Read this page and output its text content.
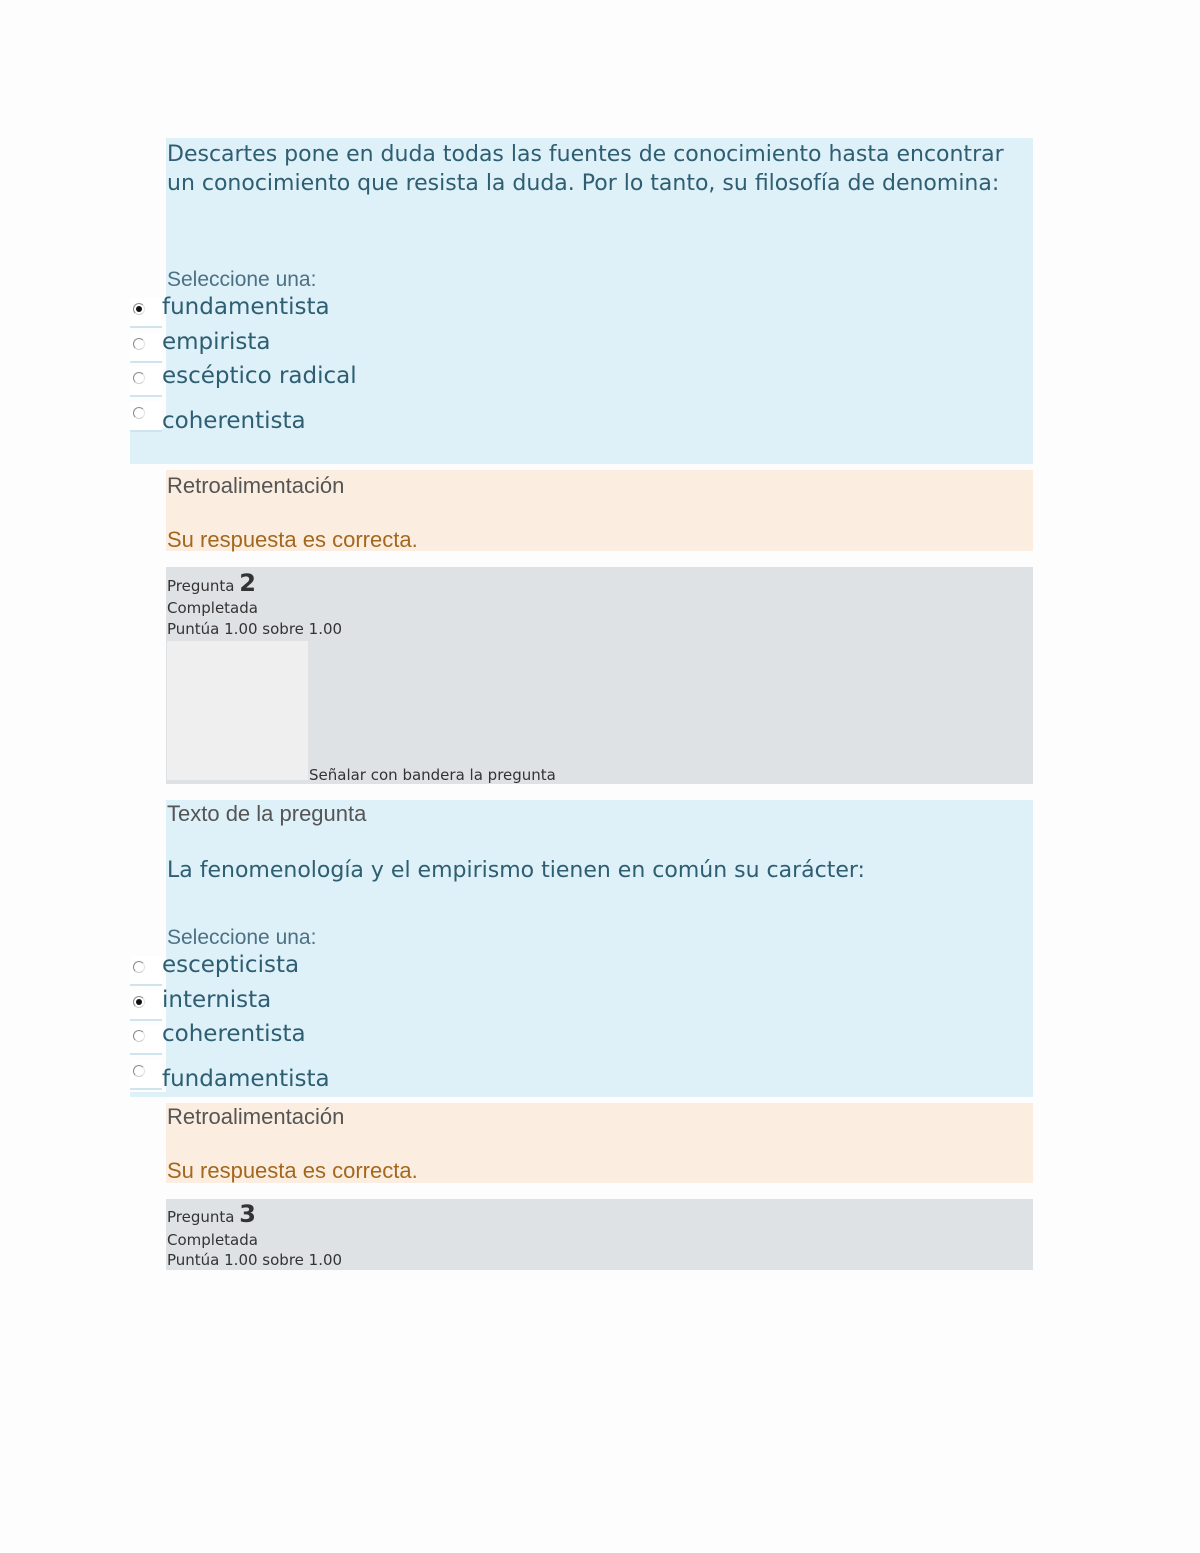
Descartes pone en duda todas las fuentes de conocimiento hasta encontrar un conocimiento que resista la duda. Por lo tanto, su filosofía de denomina:
Seleccione una:
fundamentista
empirista
escéptico radical
coherentista
Retroalimentación
Su respuesta es correcta.
Pregunta 2
Completada
Puntúa 1.00 sobre 1.00
Señalar con bandera la pregunta
Texto de la pregunta
La fenomenología y el empirismo tienen en común su carácter:
Seleccione una:
escepticista
internista
coherentista
fundamentista
Retroalimentación
Su respuesta es correcta.
Pregunta 3
Completada
Puntúa 1.00 sobre 1.00
